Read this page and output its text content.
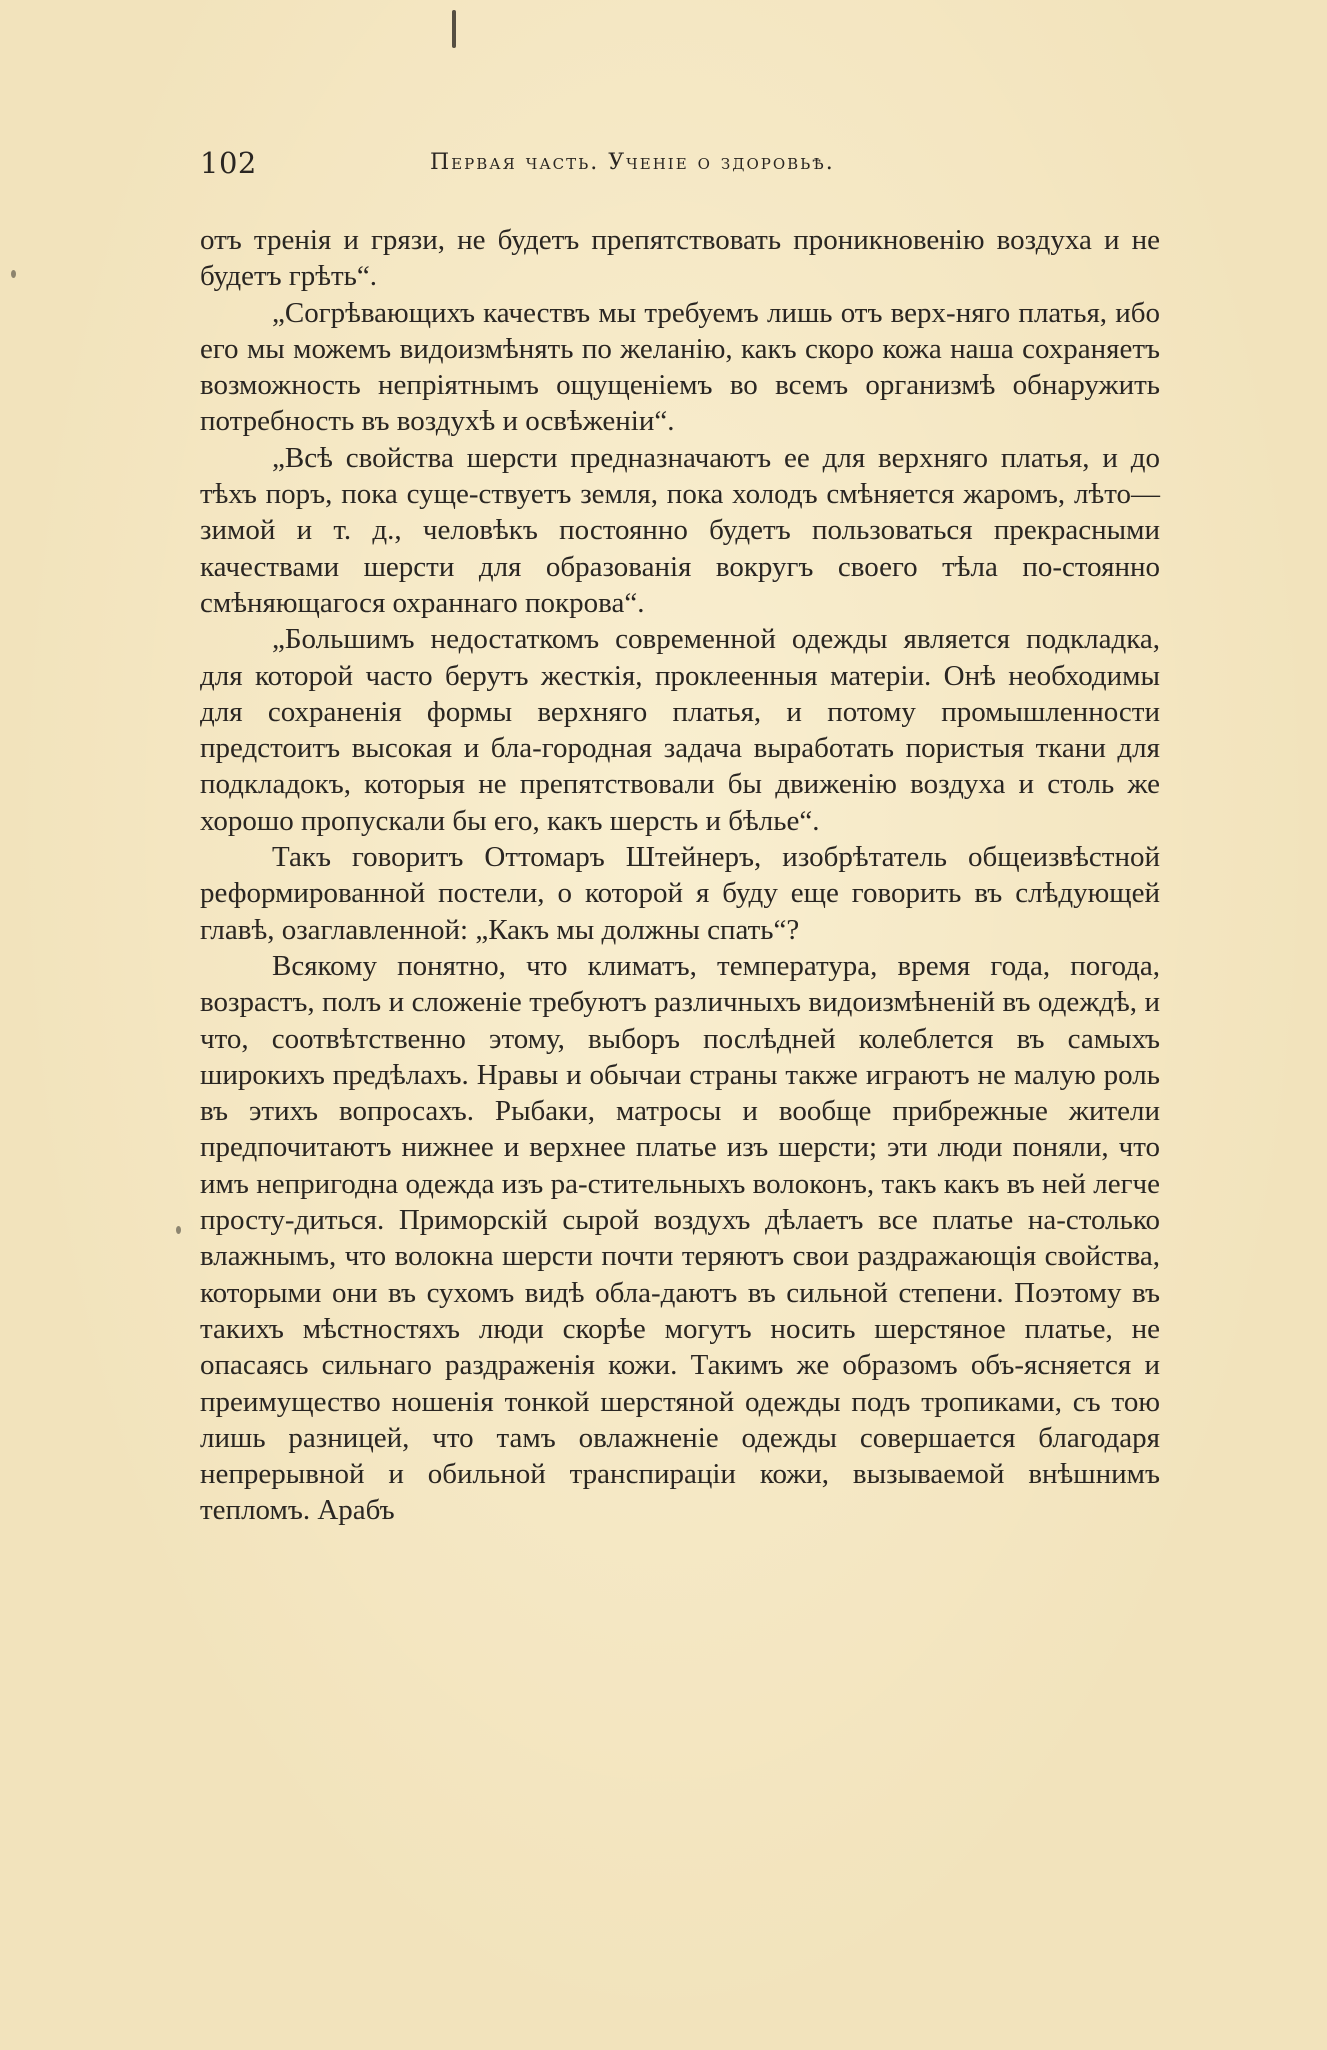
102	Первая часть. Ученіе о здоровьѣ.

отъ тренія и грязи, не будетъ препятствовать проникновенію воздуха и не будетъ грѣть“.

„Согрѣвающихъ качествъ мы требуемъ лишь отъ верх-няго платья, ибо его мы можемъ видоизмѣнять по желанію, какъ скоро кожа наша сохраняетъ возможность непріятнымъ ощущеніемъ во всемъ организмѣ обнаружить потребность въ воздухѣ и освѣженіи“.

„Всѣ свойства шерсти предназначаютъ ее для верхняго платья, и до тѣхъ поръ, пока суще-ствуетъ земля, пока холодъ смѣняется жаромъ, лѣто—зимой и т. д., человѣкъ постоянно будетъ пользоваться прекрасными качествами шерсти для образованія вокругъ своего тѣла по-стоянно смѣняющагося охраннаго покрова“.

„Большимъ недостаткомъ современной одежды является подкладка, для которой часто берутъ жесткія, проклеенныя матеріи. Онѣ необходимы для сохраненія формы верхняго платья, и потому промышленности предстоитъ высокая и бла-городная задача выработать пористыя ткани для подкладокъ, которыя не препятствовали бы движенію воздуха и столь же хорошо пропускали бы его, какъ шерсть и бѣлье“.

Такъ говоритъ Оттомаръ Штейнеръ, изобрѣтатель общеизвѣстной реформированной постели, о которой я буду еще говорить въ слѣдующей главѣ, озаглавленной: „Какъ мы должны спать“?

Всякому понятно, что климатъ, температура, время года, погода, возрастъ, полъ и сложеніе требуютъ различныхъ видоизмѣненій въ одеждѣ, и что, соотвѣтственно этому, выборъ послѣдней колеблется въ самыхъ широкихъ предѣлахъ. Нравы и обычаи страны также играютъ не малую роль въ этихъ вопросахъ. Рыбаки, матросы и вообще прибрежные жители предпочитаютъ нижнее и верхнее платье изъ шерсти; эти люди поняли, что имъ непригодна одежда изъ ра-стительныхъ волоконъ, такъ какъ въ ней легче просту-диться. Приморскій сырой воздухъ дѣлаетъ все платье на-столько влажнымъ, что волокна шерсти почти теряютъ свои раздражающія свойства, которыми они въ сухомъ видѣ обла-даютъ въ сильной степени. Поэтому въ такихъ мѣстностяхъ люди скорѣе могутъ носить шерстяное платье, не опасаясь сильнаго раздраженія кожи. Такимъ же образомъ объ-ясняется и преимущество ношенія тонкой шерстяной одежды подъ тропиками, съ тою лишь разницей, что тамъ овлажненіе одежды совершается благодаря непрерывной и обильной транспираціи кожи, вызываемой внѣшнимъ тепломъ. Арабъ
